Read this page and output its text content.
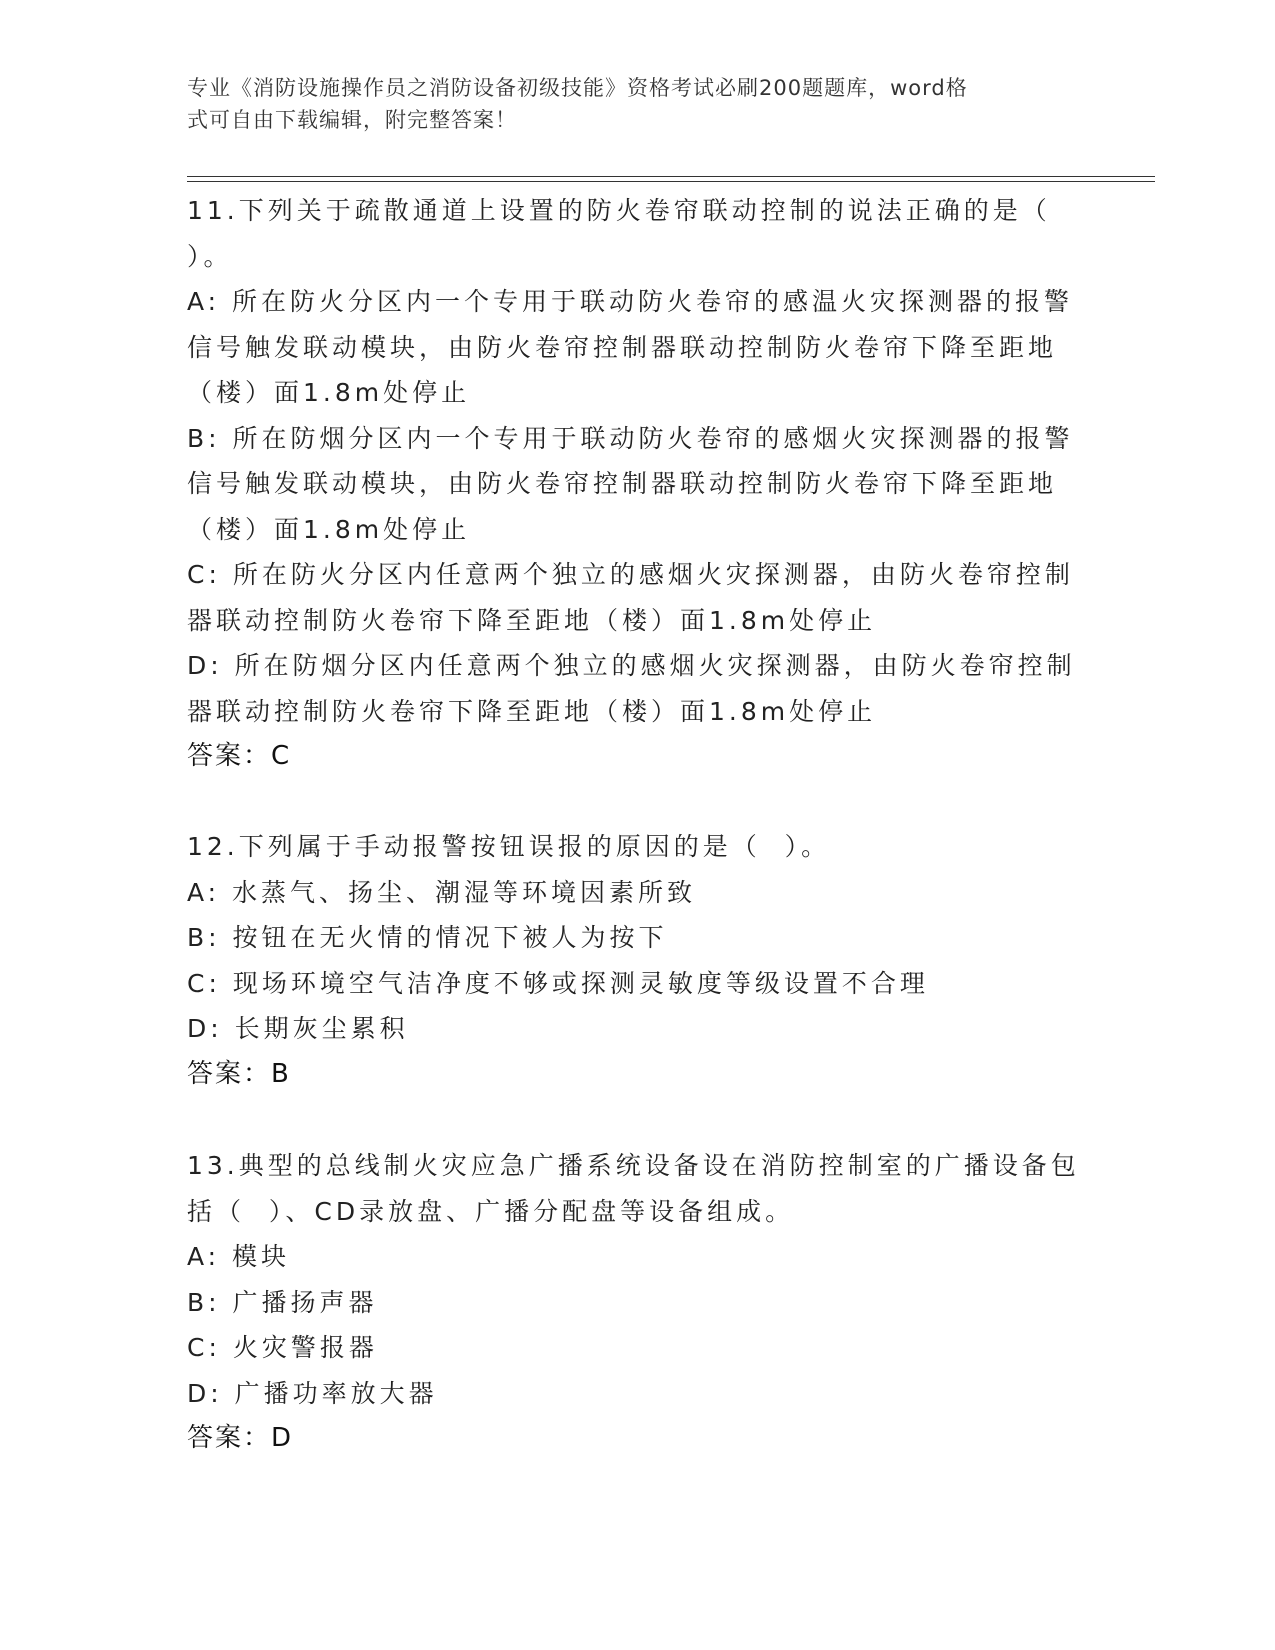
专业《消防设施操作员之消防设备初级技能》资格考试必刷200题题库，word格
式可自由下载编辑，附完整答案！
11.下列关于疏散通道上设置的防火卷帘联动控制的说法正确的是（
）。
A: 所在防火分区内一个专用于联动防火卷帘的感温火灾探测器的报警
信号触发联动模块，由防火卷帘控制器联动控制防火卷帘下降至距地
（楼）面1.8m处停止
B: 所在防烟分区内一个专用于联动防火卷帘的感烟火灾探测器的报警
信号触发联动模块，由防火卷帘控制器联动控制防火卷帘下降至距地
（楼）面1.8m处停止
C: 所在防火分区内任意两个独立的感烟火灾探测器，由防火卷帘控制
器联动控制防火卷帘下降至距地（楼）面1.8m处停止
D: 所在防烟分区内任意两个独立的感烟火灾探测器，由防火卷帘控制
器联动控制防火卷帘下降至距地（楼）面1.8m处停止
答案：C
12.下列属于手动报警按钮误报的原因的是（  ）。
A: 水蒸气、扬尘、潮湿等环境因素所致
B: 按钮在无火情的情况下被人为按下
C: 现场环境空气洁净度不够或探测灵敏度等级设置不合理
D: 长期灰尘累积
答案：B
13.典型的总线制火灾应急广播系统设备设在消防控制室的广播设备包
括（  ）、CD录放盘、广播分配盘等设备组成。
A: 模块
B: 广播扬声器
C: 火灾警报器
D: 广播功率放大器
答案：D
